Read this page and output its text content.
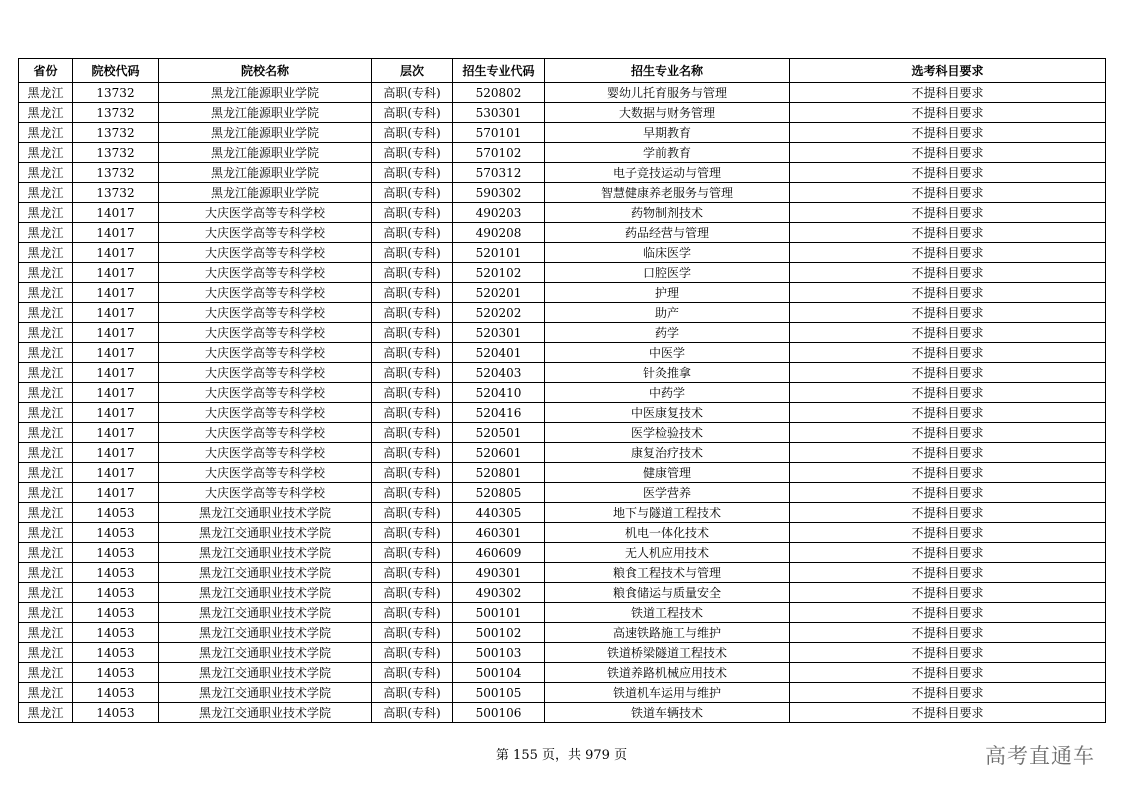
省份	院校代码	院校名称	层次	招生专业代码	招生专业名称	选考科目要求
黑龙江	13732	黑龙江能源职业学院	高职(专科)	520802	婴幼儿托育服务与管理	不提科目要求
黑龙江	13732	黑龙江能源职业学院	高职(专科)	530301	大数据与财务管理	不提科目要求
黑龙江	13732	黑龙江能源职业学院	高职(专科)	570101	早期教育	不提科目要求
黑龙江	13732	黑龙江能源职业学院	高职(专科)	570102	学前教育	不提科目要求
黑龙江	13732	黑龙江能源职业学院	高职(专科)	570312	电子竞技运动与管理	不提科目要求
黑龙江	13732	黑龙江能源职业学院	高职(专科)	590302	智慧健康养老服务与管理	不提科目要求
黑龙江	14017	大庆医学高等专科学校	高职(专科)	490203	药物制剂技术	不提科目要求
黑龙江	14017	大庆医学高等专科学校	高职(专科)	490208	药品经营与管理	不提科目要求
黑龙江	14017	大庆医学高等专科学校	高职(专科)	520101	临床医学	不提科目要求
黑龙江	14017	大庆医学高等专科学校	高职(专科)	520102	口腔医学	不提科目要求
黑龙江	14017	大庆医学高等专科学校	高职(专科)	520201	护理	不提科目要求
黑龙江	14017	大庆医学高等专科学校	高职(专科)	520202	助产	不提科目要求
黑龙江	14017	大庆医学高等专科学校	高职(专科)	520301	药学	不提科目要求
黑龙江	14017	大庆医学高等专科学校	高职(专科)	520401	中医学	不提科目要求
黑龙江	14017	大庆医学高等专科学校	高职(专科)	520403	针灸推拿	不提科目要求
黑龙江	14017	大庆医学高等专科学校	高职(专科)	520410	中药学	不提科目要求
黑龙江	14017	大庆医学高等专科学校	高职(专科)	520416	中医康复技术	不提科目要求
黑龙江	14017	大庆医学高等专科学校	高职(专科)	520501	医学检验技术	不提科目要求
黑龙江	14017	大庆医学高等专科学校	高职(专科)	520601	康复治疗技术	不提科目要求
黑龙江	14017	大庆医学高等专科学校	高职(专科)	520801	健康管理	不提科目要求
黑龙江	14017	大庆医学高等专科学校	高职(专科)	520805	医学营养	不提科目要求
黑龙江	14053	黑龙江交通职业技术学院	高职(专科)	440305	地下与隧道工程技术	不提科目要求
黑龙江	14053	黑龙江交通职业技术学院	高职(专科)	460301	机电一体化技术	不提科目要求
黑龙江	14053	黑龙江交通职业技术学院	高职(专科)	460609	无人机应用技术	不提科目要求
黑龙江	14053	黑龙江交通职业技术学院	高职(专科)	490301	粮食工程技术与管理	不提科目要求
黑龙江	14053	黑龙江交通职业技术学院	高职(专科)	490302	粮食储运与质量安全	不提科目要求
黑龙江	14053	黑龙江交通职业技术学院	高职(专科)	500101	铁道工程技术	不提科目要求
黑龙江	14053	黑龙江交通职业技术学院	高职(专科)	500102	高速铁路施工与维护	不提科目要求
黑龙江	14053	黑龙江交通职业技术学院	高职(专科)	500103	铁道桥梁隧道工程技术	不提科目要求
黑龙江	14053	黑龙江交通职业技术学院	高职(专科)	500104	铁道养路机械应用技术	不提科目要求
黑龙江	14053	黑龙江交通职业技术学院	高职(专科)	500105	铁道机车运用与维护	不提科目要求
黑龙江	14053	黑龙江交通职业技术学院	高职(专科)	500106	铁道车辆技术	不提科目要求
第 155 页，共 979 页	高考直通车
